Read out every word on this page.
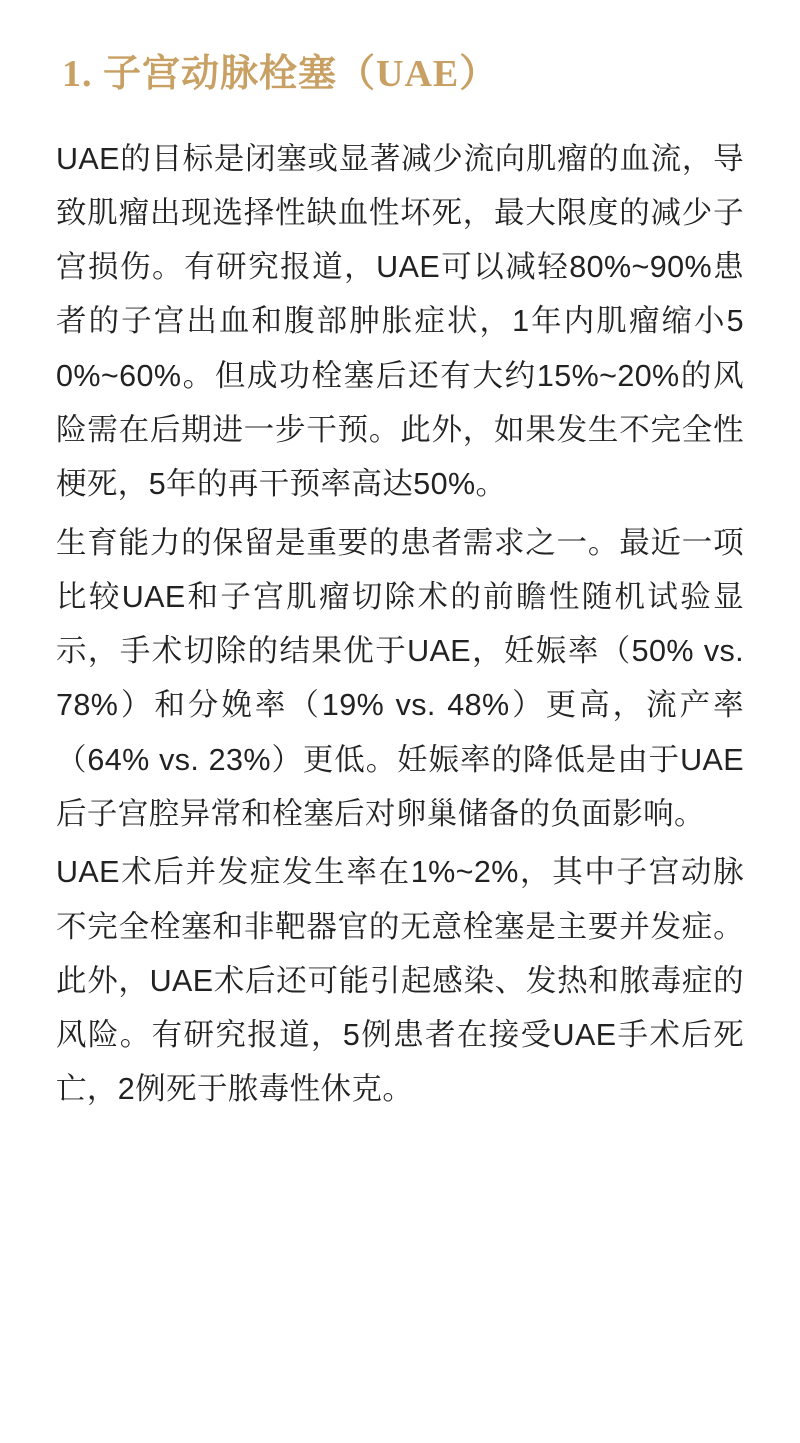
1. 子宫动脉栓塞（UAE）

UAE的目标是闭塞或显著减少流向肌瘤的血流，导致肌瘤出现选择性缺血性坏死，最大限度的减少子宫损伤。有研究报道，UAE可以减轻80%~90%患者的子宫出血和腹部肿胀症状，1年内肌瘤缩小50%~60%。但成功栓塞后还有大约15%~20%的风险需在后期进一步干预。此外，如果发生不完全性梗死，5年的再干预率高达50%。

生育能力的保留是重要的患者需求之一。最近一项比较UAE和子宫肌瘤切除术的前瞻性随机试验显示，手术切除的结果优于UAE，妊娠率（50% vs. 78%）和分娩率（19% vs. 48%）更高，流产率（64% vs. 23%）更低。妊娠率的降低是由于UAE后子宫腔异常和栓塞后对卵巢储备的负面影响。

UAE术后并发症发生率在1%~2%，其中子宫动脉不完全栓塞和非靶器官的无意栓塞是主要并发症。此外，UAE术后还可能引起感染、发热和脓毒症的风险。有研究报道，5例患者在接受UAE手术后死亡，2例死于脓毒性休克。
